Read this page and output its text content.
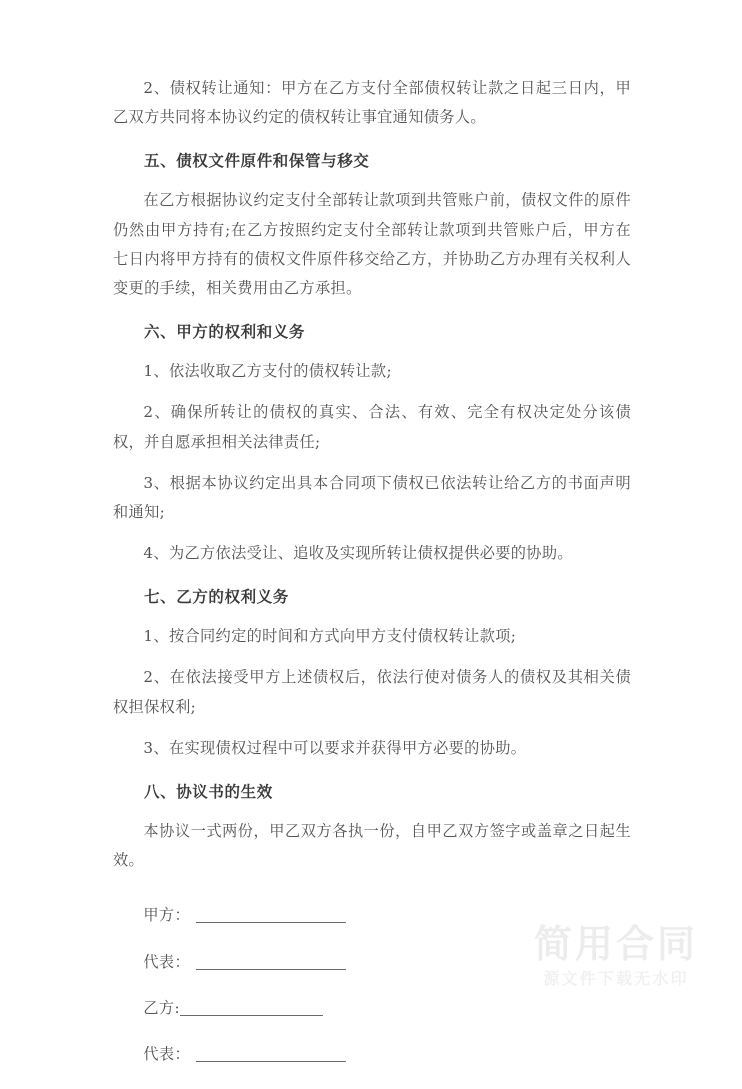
2、债权转让通知：甲方在乙方支付全部债权转让款之日起三日内，甲乙双方共同将本协议约定的债权转让事宜通知债务人。
五、债权文件原件和保管与移交
在乙方根据协议约定支付全部转让款项到共管账户前，债权文件的原件仍然由甲方持有;在乙方按照约定支付全部转让款项到共管账户后，甲方在七日内将甲方持有的债权文件原件移交给乙方，并协助乙方办理有关权利人变更的手续，相关费用由乙方承担。
六、甲方的权利和义务
1、依法收取乙方支付的债权转让款;
2、确保所转让的债权的真实、合法、有效、完全有权决定处分该债权，并自愿承担相关法律责任;
3、根据本协议约定出具本合同项下债权已依法转让给乙方的书面声明和通知;
4、为乙方依法受让、追收及实现所转让债权提供必要的协助。
七、乙方的权利义务
1、按合同约定的时间和方式向甲方支付债权转让款项;
2、在依法接受甲方上述债权后，依法行使对债务人的债权及其相关债权担保权利;
3、在实现债权过程中可以要求并获得甲方必要的协助。
八、协议书的生效
本协议一式两份，甲乙双方各执一份，自甲乙双方签字或盖章之日起生效。
甲方：
代表：
乙方:
代表：
简用合同
源文件下载无水印
